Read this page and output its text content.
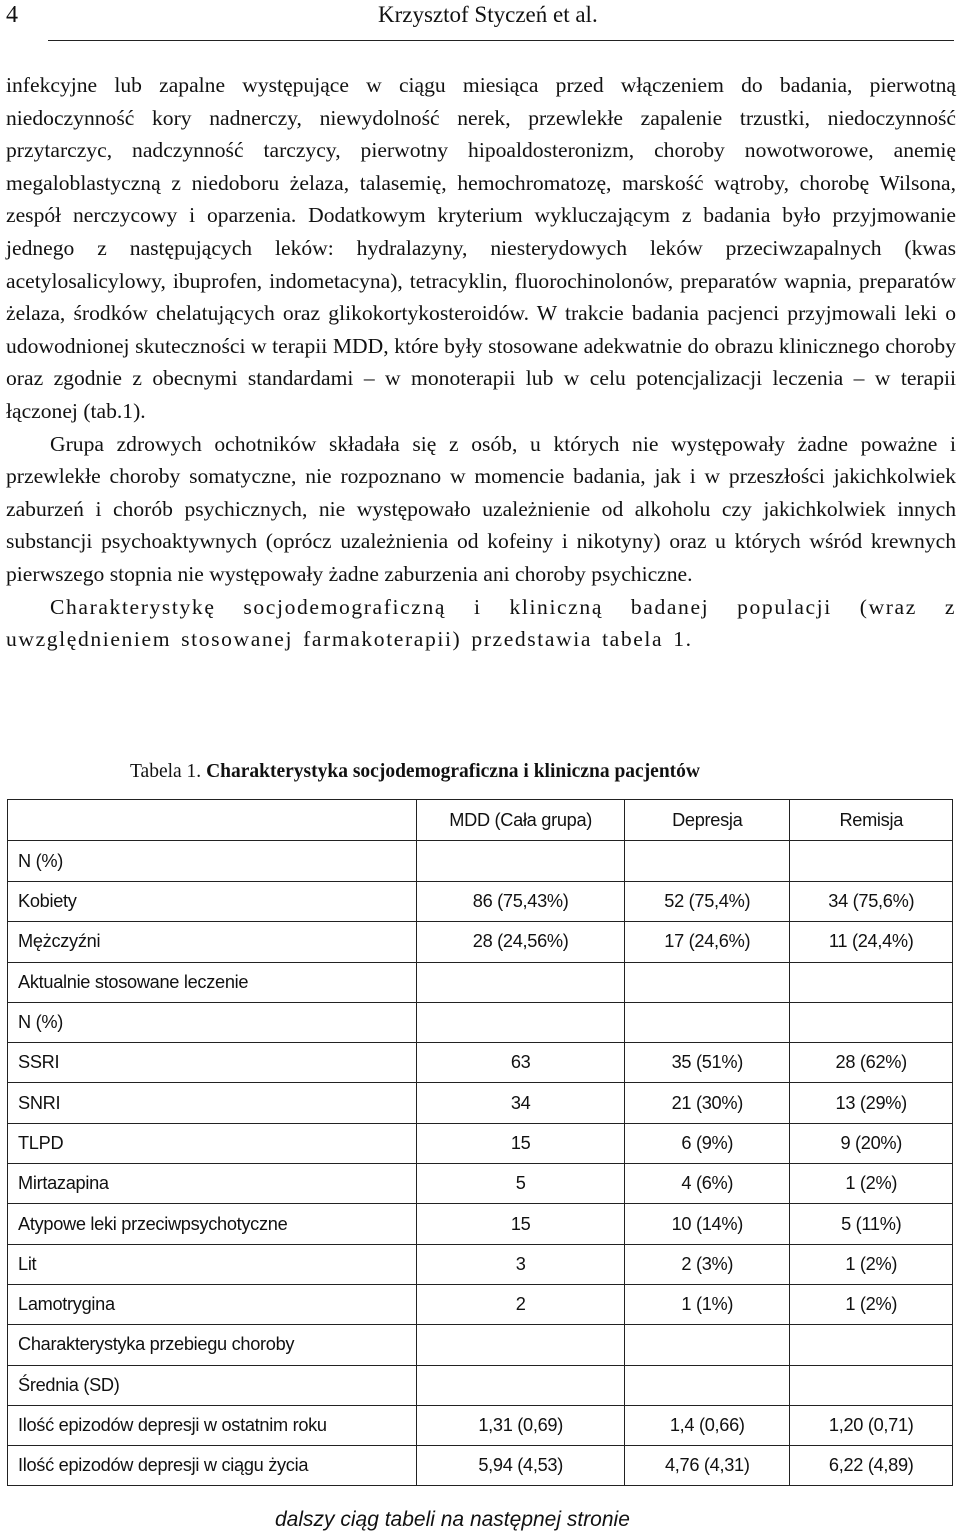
4	Krzysztof Styczeń et al.

infekcyjne lub zapalne występujące w ciągu miesiąca przed włączeniem do badania, pierwotną niedoczynność kory nadnerczy, niewydolność nerek, przewlekłe zapalenie trzustki, niedoczynność przytarczyc, nadczynność tarczycy, pierwotny hipoaldosteronizm, choroby nowotworowe, anemię megaloblastyczną z niedoboru żelaza, talasemię, hemochromatozę, marskość wątroby, chorobę Wilsona, zespół nerczycowy i oparzenia. Dodatkowym kryterium wykluczającym z badania było przyjmowanie jednego z następujących leków: hydralazyny, niesterydowych leków przeciwzapalnych (kwas acetylosalicylowy, ibuprofen, indometacyna), tetracyklin, fluorochinolonów, preparatów wapnia, preparatów żelaza, środków chelatujących oraz glikokortykosteroidów. W trakcie badania pacjenci przyjmowali leki o udowodnionej skuteczności w terapii MDD, które były stosowane adekwatnie do obrazu klinicznego choroby oraz zgodnie z obecnymi standardami – w monoterapii lub w celu potencjalizacji leczenia – w terapii łączonej (tab.1).

Grupa zdrowych ochotników składała się z osób, u których nie występowały żadne poważne i przewlekłe choroby somatyczne, nie rozpoznano w momencie badania, jak i w przeszłości jakichkolwiek zaburzeń i chorób psychicznych, nie występowało uzależnienie od alkoholu czy jakichkolwiek innych substancji psychoaktywnych (oprócz uzależnienia od kofeiny i nikotyny) oraz u których wśród krewnych pierwszego stopnia nie występowały żadne zaburzenia ani choroby psychiczne.

Charakterystykę socjodemograficzną i kliniczną badanej populacji (wraz z uwzględnieniem stosowanej farmakoterapii) przedstawia tabela 1.

Tabela 1. Charakterystyka socjodemograficzna i kliniczna pacjentów
	MDD (Cała grupa)	Depresja	Remisja
N (%)			
Kobiety	86 (75,43%)	52 (75,4%)	34 (75,6%)
Mężczyźni	28 (24,56%)	17 (24,6%)	11 (24,4%)
Aktualnie stosowane leczenie			
N (%)			
SSRI	63	35 (51%)	28 (62%)
SNRI	34	21 (30%)	13 (29%)
TLPD	15	6 (9%)	9 (20%)
Mirtazapina	5	4 (6%)	1 (2%)
Atypowe leki przeciwpsychotyczne	15	10 (14%)	5 (11%)
Lit	3	2 (3%)	1 (2%)
Lamotrygina	2	1 (1%)	1 (2%)
Charakterystyka przebiegu choroby			
Średnia (SD)			
Ilość epizodów depresji w ostatnim roku	1,31 (0,69)	1,4 (0,66)	1,20 (0,71)
Ilość epizodów depresji w ciągu życia	5,94 (4,53)	4,76 (4,31)	6,22 (4,89)
dalszy ciąg tabeli na następnej stronie
